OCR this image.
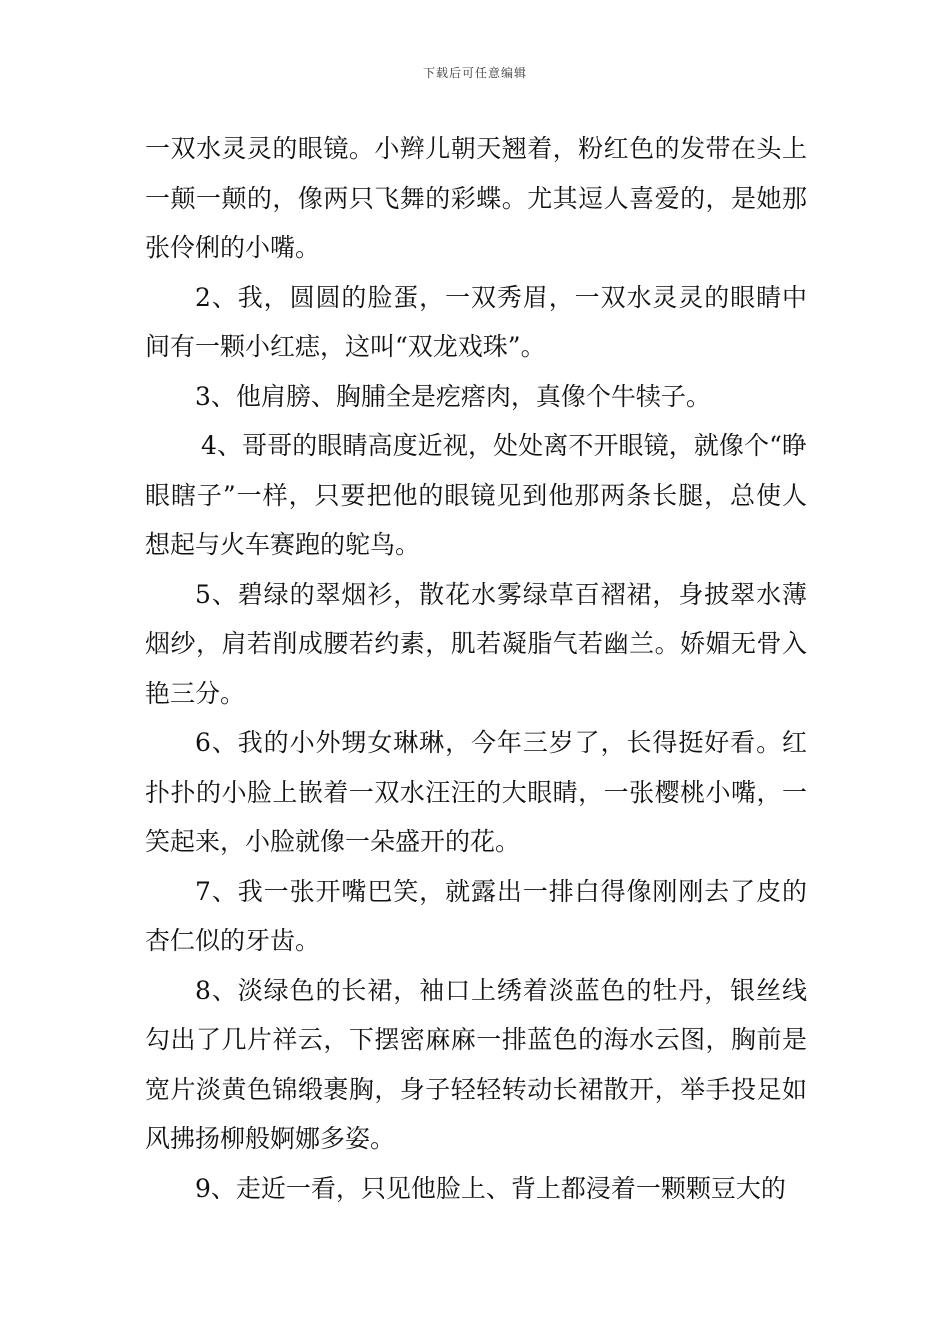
下载后可任意编辑

一双水灵灵的眼镜。小辫儿朝天翘着，粉红色的发带在头上一颠一颠的，像两只飞舞的彩蝶。尤其逗人喜爱的，是她那张伶俐的小嘴。

2、我，圆圆的脸蛋，一双秀眉，一双水灵灵的眼睛中间有一颗小红痣，这叫“双龙戏珠”。

3、他肩膀、胸脯全是疙瘩肉，真像个牛犊子。

4、哥哥的眼睛高度近视，处处离不开眼镜，就像个“睁眼瞎子”一样，只要把他的眼镜见到他那两条长腿，总使人想起与火车赛跑的鸵鸟。

5、碧绿的翠烟衫，散花水雾绿草百褶裙，身披翠水薄烟纱，肩若削成腰若约素，肌若凝脂气若幽兰。娇媚无骨入艳三分。

6、我的小外甥女琳琳，今年三岁了，长得挺好看。红扑扑的小脸上嵌着一双水汪汪的大眼睛，一张樱桃小嘴，一笑起来，小脸就像一朵盛开的花。

7、我一张开嘴巴笑，就露出一排白得像刚刚去了皮的杏仁似的牙齿。

8、淡绿色的长裙，袖口上绣着淡蓝色的牡丹，银丝线勾出了几片祥云，下摆密麻麻一排蓝色的海水云图，胸前是宽片淡黄色锦缎裹胸，身子轻轻转动长裙散开，举手投足如风拂扬柳般婀娜多姿。

9、走近一看，只见他脸上、背上都浸着一颗颗豆大的
